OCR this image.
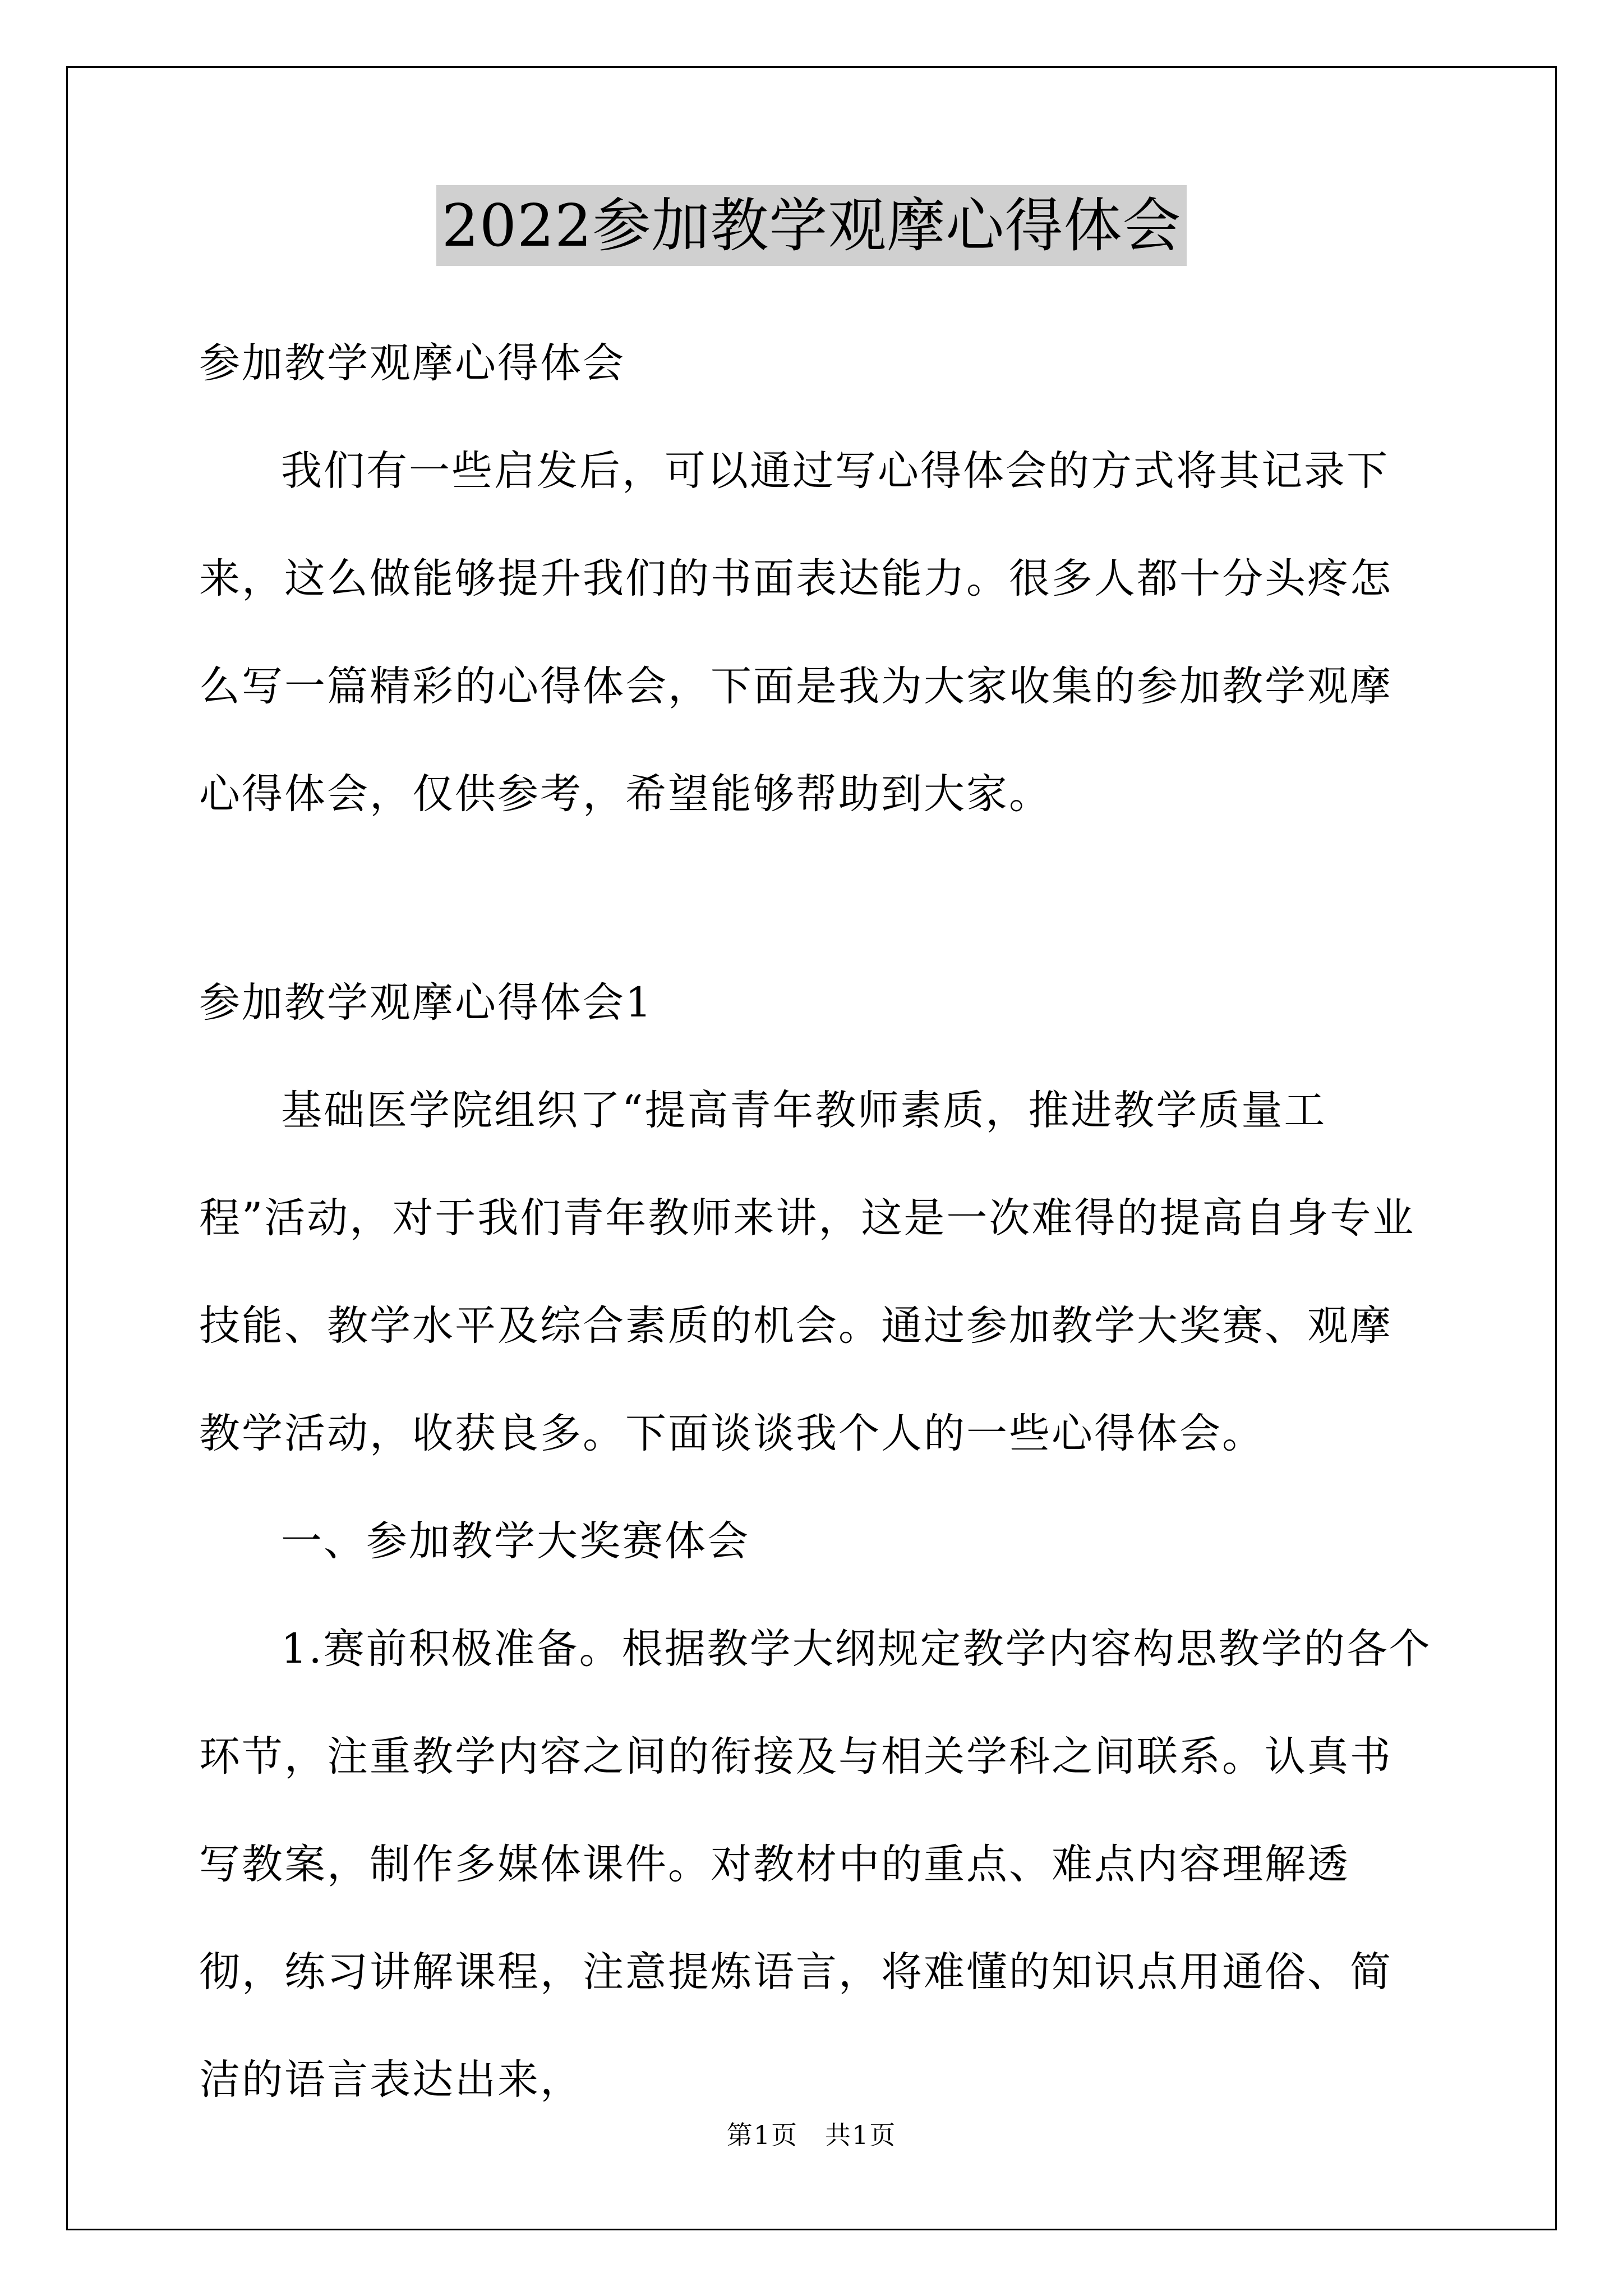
2022参加教学观摩心得体会

参加教学观摩心得体会

我们有一些启发后，可以通过写心得体会的方式将其记录下来，这么做能够提升我们的书面表达能力。很多人都十分头疼怎么写一篇精彩的心得体会，下面是我为大家收集的参加教学观摩心得体会，仅供参考，希望能够帮助到大家。

参加教学观摩心得体会1

基础医学院组织了“提高青年教师素质，推进教学质量工程”活动，对于我们青年教师来讲，这是一次难得的提高自身专业技能、教学水平及综合素质的机会。通过参加教学大奖赛、观摩教学活动，收获良多。下面谈谈我个人的一些心得体会。

一、参加教学大奖赛体会

1.赛前积极准备。根据教学大纲规定教学内容构思教学的各个环节，注重教学内容之间的衔接及与相关学科之间联系。认真书写教案，制作多媒体课件。对教材中的重点、难点内容理解透彻，练习讲解课程，注意提炼语言，将难懂的知识点用通俗、简洁的语言表达出来，

第1页　共1页
